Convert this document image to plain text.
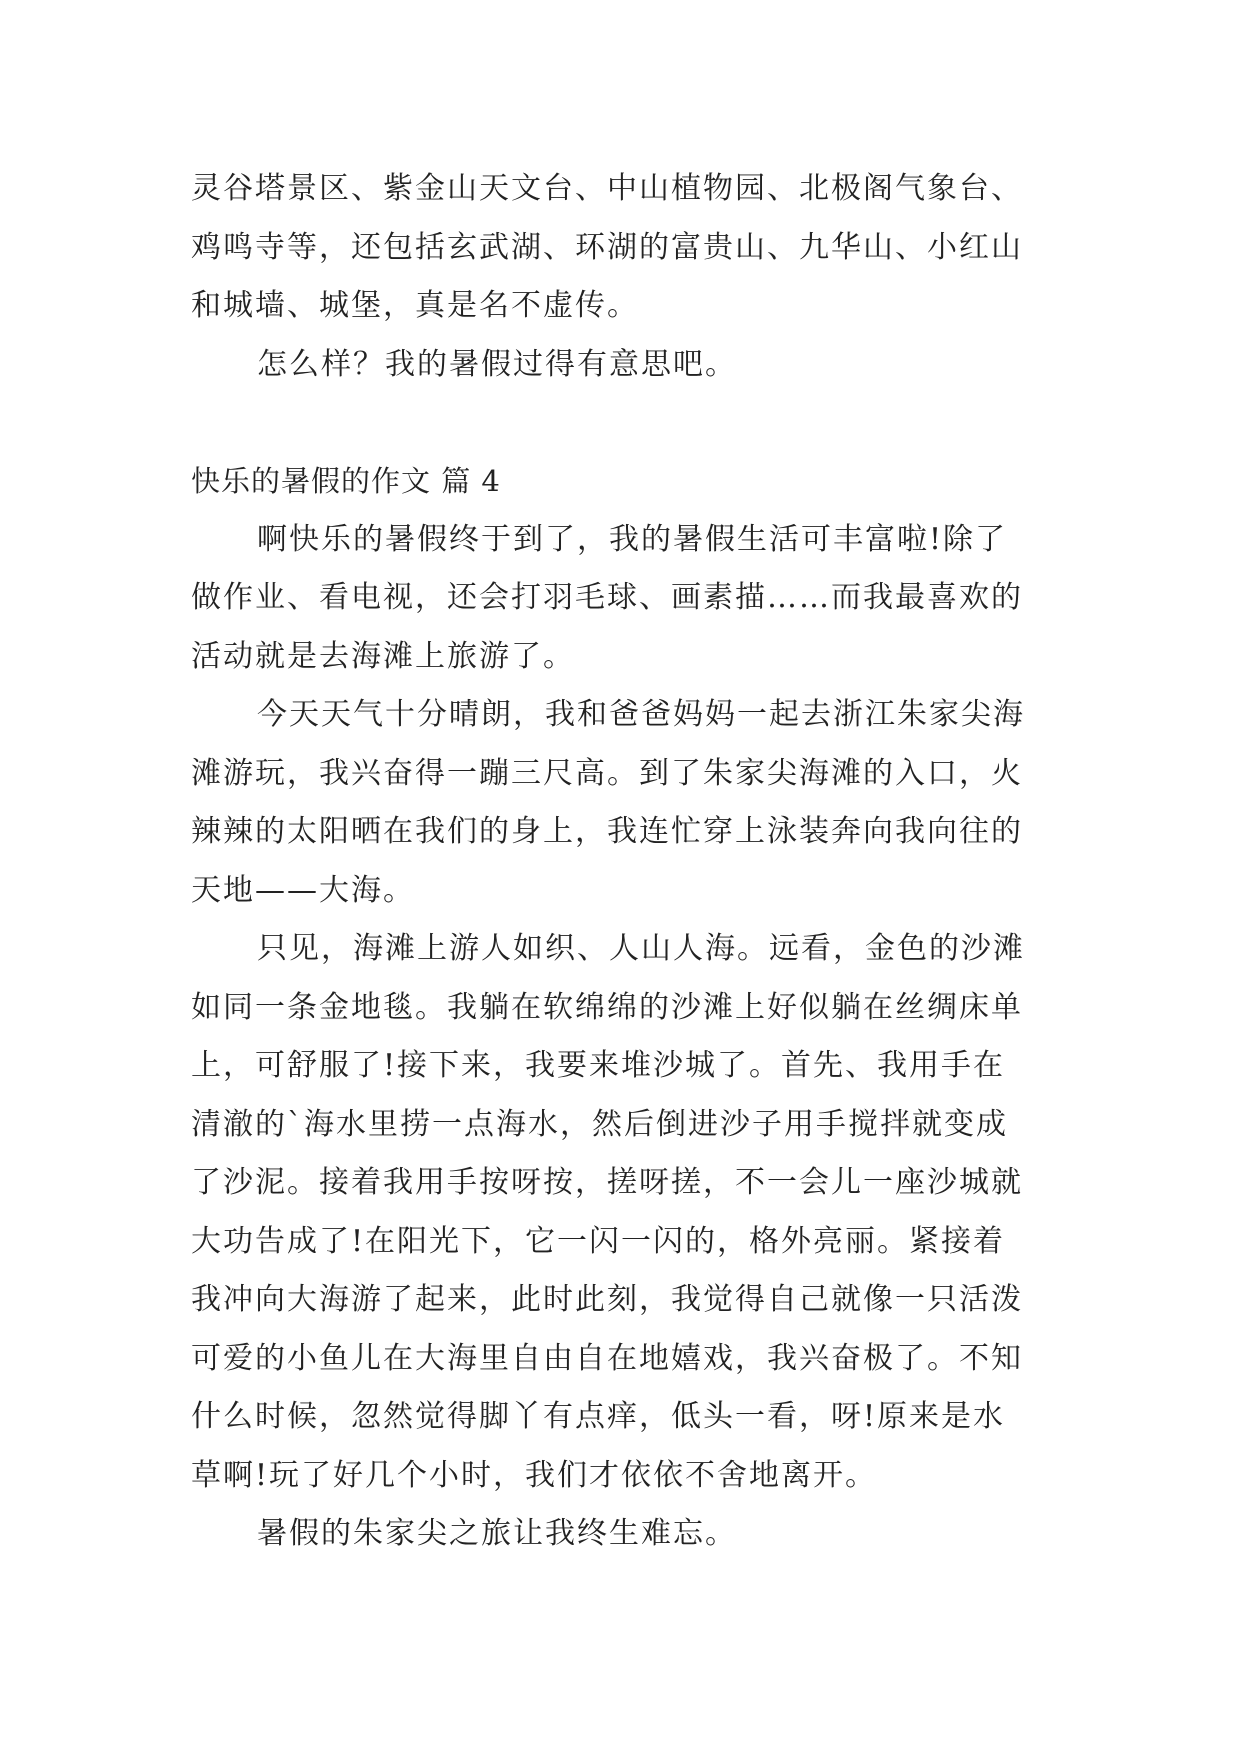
灵谷塔景区、紫金山天文台、中山植物园、北极阁气象台、
鸡鸣寺等，还包括玄武湖、环湖的富贵山、九华山、小红山
和城墙、城堡，真是名不虚传。
怎么样？我的暑假过得有意思吧。
快乐的暑假的作文 篇 4
啊快乐的暑假终于到了，我的暑假生活可丰富啦!除了
做作业、看电视，还会打羽毛球、画素描……而我最喜欢的
活动就是去海滩上旅游了。
今天天气十分晴朗，我和爸爸妈妈一起去浙江朱家尖海
滩游玩，我兴奋得一蹦三尺高。到了朱家尖海滩的入口，火
辣辣的太阳晒在我们的身上，我连忙穿上泳装奔向我向往的
天地——大海。
只见，海滩上游人如织、人山人海。远看，金色的沙滩
如同一条金地毯。我躺在软绵绵的沙滩上好似躺在丝绸床单
上，可舒服了!接下来，我要来堆沙城了。首先、我用手在
清澈的`海水里捞一点海水，然后倒进沙子用手搅拌就变成
了沙泥。接着我用手按呀按，搓呀搓，不一会儿一座沙城就
大功告成了!在阳光下，它一闪一闪的，格外亮丽。紧接着
我冲向大海游了起来，此时此刻，我觉得自己就像一只活泼
可爱的小鱼儿在大海里自由自在地嬉戏，我兴奋极了。不知
什么时候，忽然觉得脚丫有点痒，低头一看，呀!原来是水
草啊!玩了好几个小时，我们才依依不舍地离开。
暑假的朱家尖之旅让我终生难忘。
